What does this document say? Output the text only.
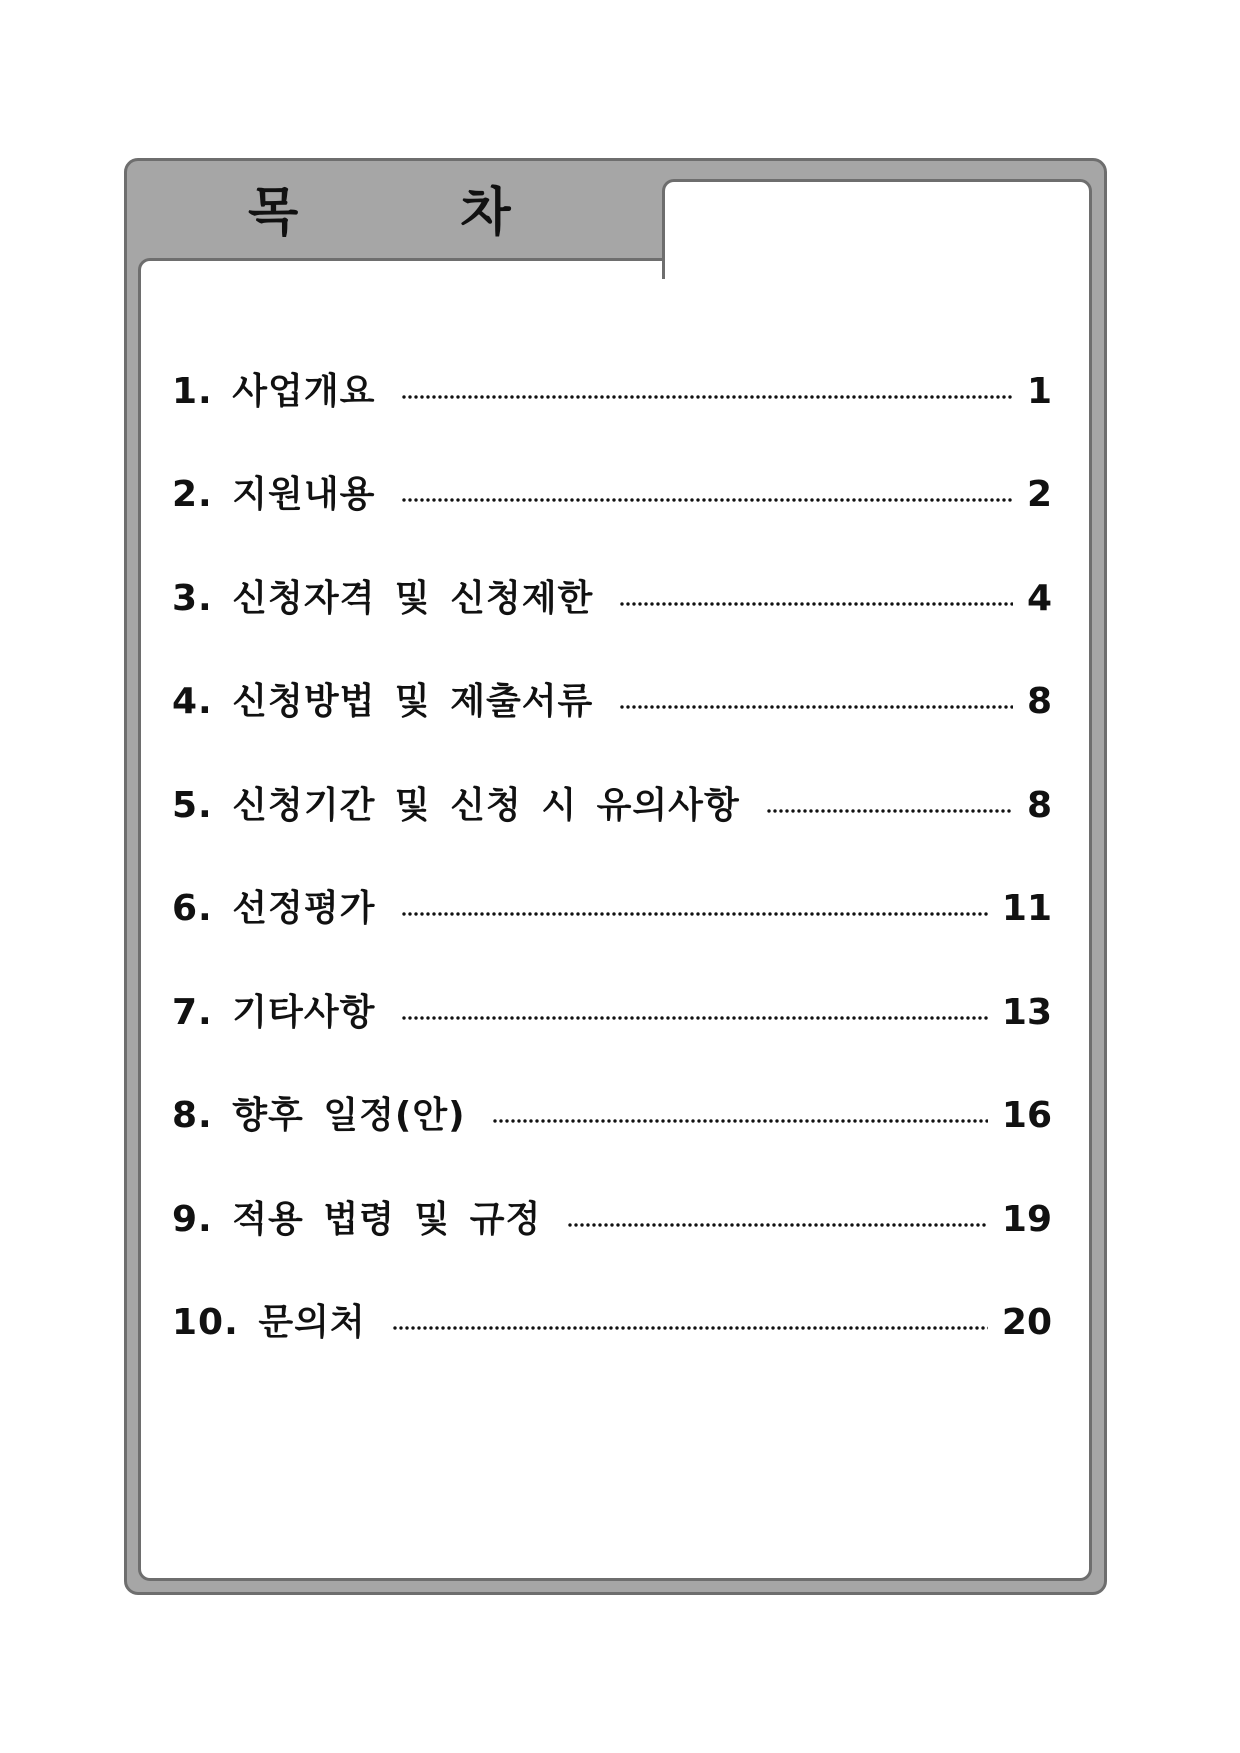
목 차
1. 사업개요	1
2. 지원내용	2
3. 신청자격 및 신청제한	4
4. 신청방법 및 제출서류	8
5. 신청기간 및 신청 시 유의사항	8
6. 선정평가	11
7. 기타사항	13
8. 향후 일정(안)	16
9. 적용 법령 및 규정	19
10. 문의처	20
